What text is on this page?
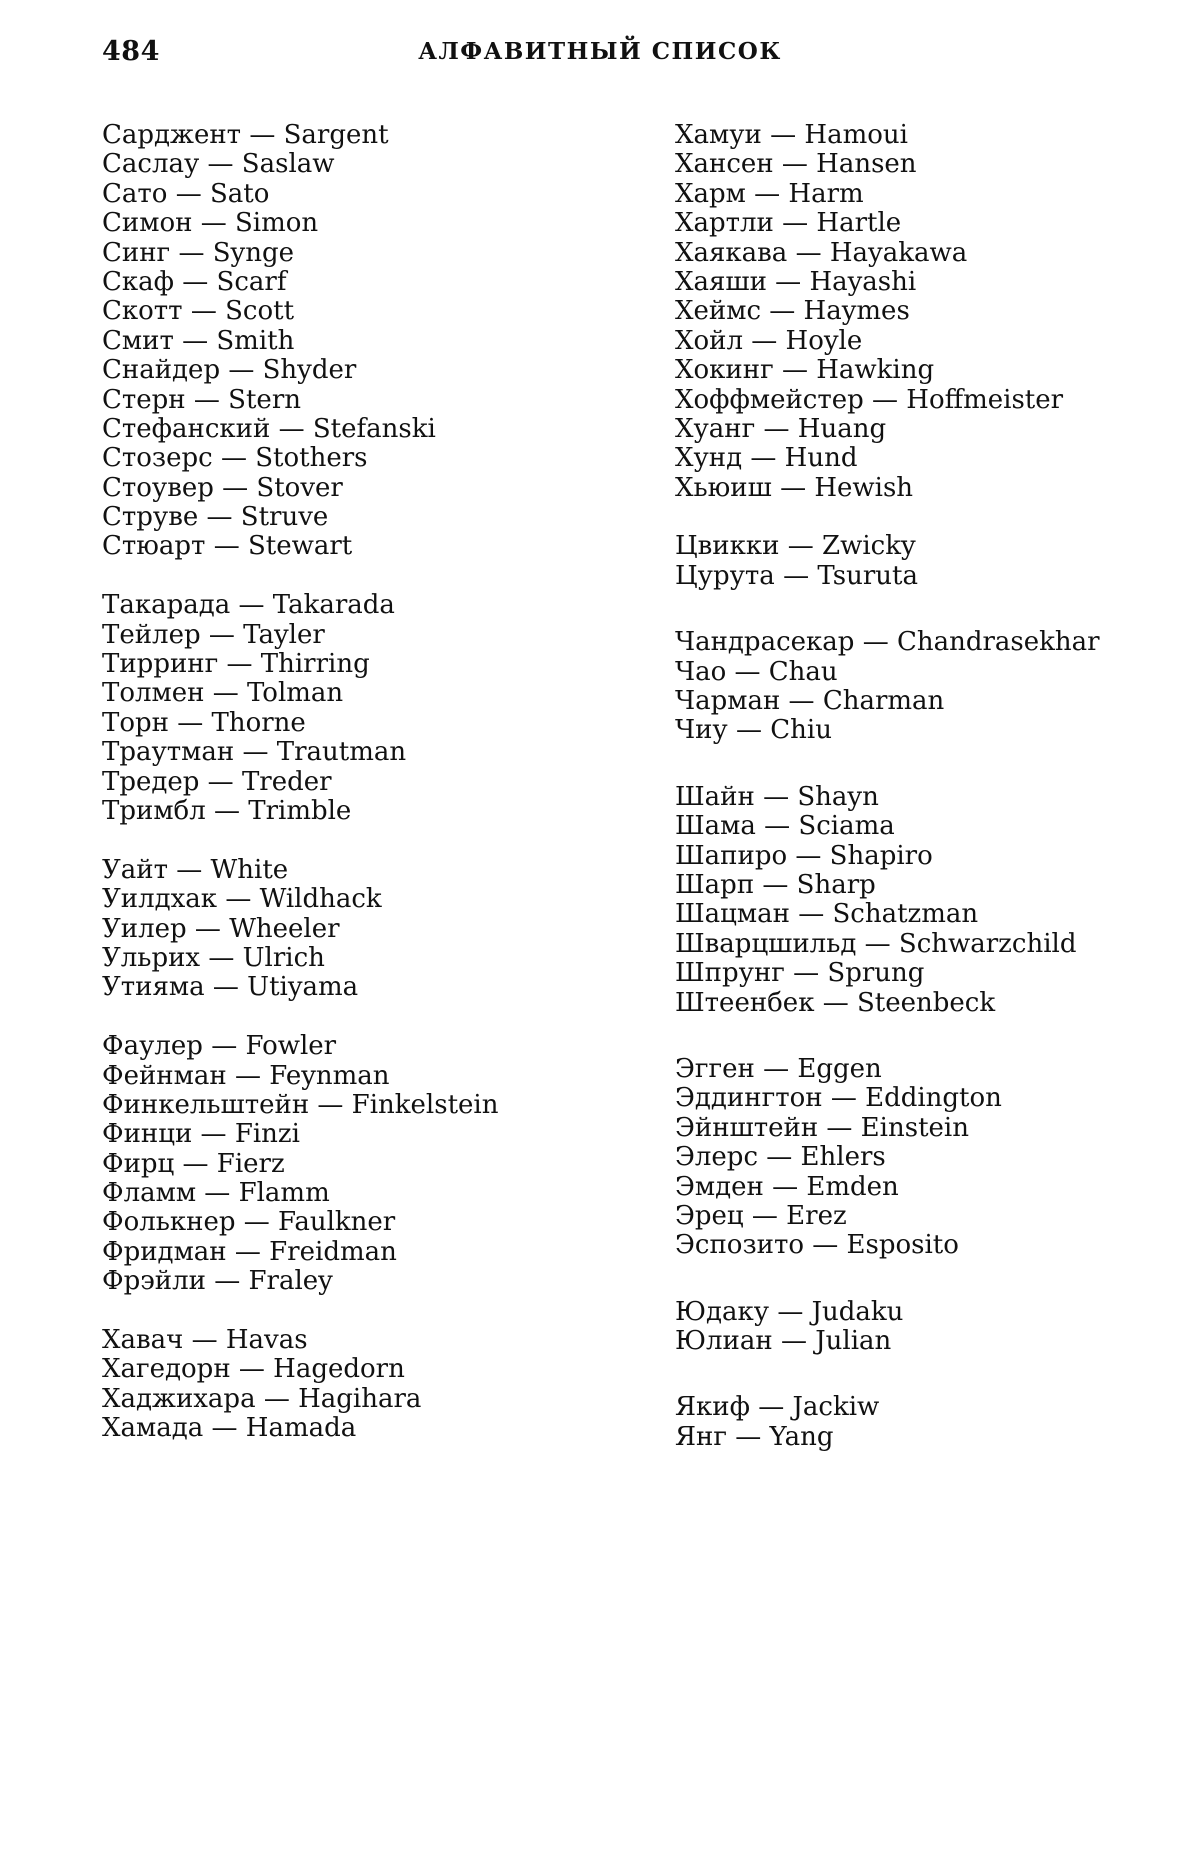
484	АЛФАВИТНЫЙ СПИСОК
Сарджент — Sargent
Саслау — Saslaw
Сато — Sato
Симон — Simon
Синг — Synge
Скаф — Scarf
Скотт — Scott
Смит — Smith
Снайдер — Shyder
Стерн — Stern
Стефанский — Stefanski
Стозерс — Stothers
Стоувер — Stover
Струве — Struve
Стюарт — Stewart
Такарада — Takarada
Тейлер — Tayler
Тирринг — Thirring
Толмен — Tolman
Торн — Thorne
Траутман — Trautman
Тредер — Treder
Тримбл — Trimble
Уайт — White
Уилдхак — Wildhack
Уилер — Wheeler
Ульрих — Ulrich
Утияма — Utiyama
Фаулер — Fowler
Фейнман — Feynman
Финкельштейн — Finkelstein
Финци — Finzi
Фирц — Fierz
Фламм — Flamm
Фолькнер — Faulkner
Фридман — Freidman
Фрэйли — Fraley
Хавач — Havas
Хагедорн — Hagedorn
Хаджихара — Hagihara
Хамада — Hamada
Хамуи — Hamoui
Хансен — Hansen
Харм — Harm
Хартли — Hartle
Хаякава — Hayakawa
Хаяши — Hayashi
Хеймс — Haymes
Хойл — Hoyle
Хокинг — Hawking
Хоффмейстер — Hoffmeister
Хуанг — Huang
Хунд — Hund
Хьюиш — Hewish
Цвикки — Zwicky
Цурута — Tsuruta
Чандрасекар — Chandrasekhar
Чао — Chau
Чарман — Charman
Чиу — Chiu
Шайн — Shayn
Шама — Sciama
Шапиро — Shapiro
Шарп — Sharp
Шацман — Schatzman
Шварцшильд — Schwarzchild
Шпрунг — Sprung
Штеенбек — Steenbeck
Эгген — Eggen
Эддингтон — Eddington
Эйнштейн — Einstein
Элерс — Ehlers
Эмден — Emden
Эрец — Erez
Эспозито — Esposito
Юдаку — Judaku
Юлиан — Julian
Якиф — Jackiw
Янг — Yang
